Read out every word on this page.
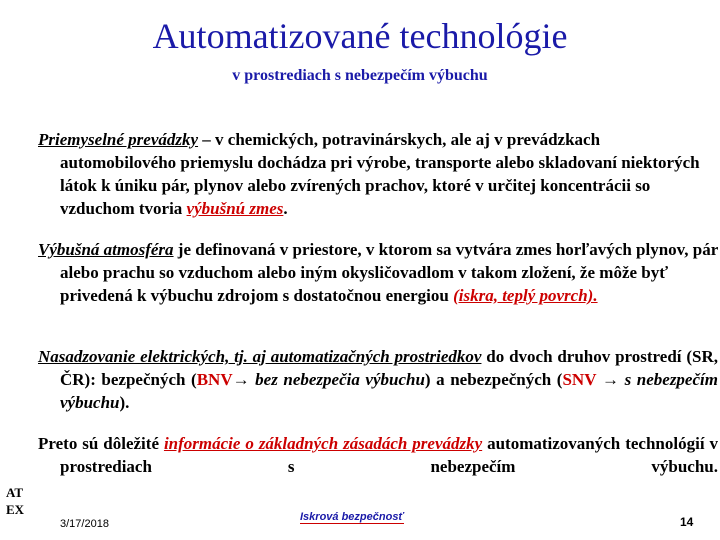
Automatizované technológie
v prostrediach s nebezpečím výbuchu
Priemyselné prevádzky – v chemických, potravinárskych, ale aj v prevádzkach automobilového priemyslu dochádza pri výrobe, transporte alebo skladovaní niektorých látok k úniku pár, plynov alebo zvírených prachov, ktoré v určitej koncentrácii so vzduchom tvoria výbušnú zmes.
Výbušná atmosféra je definovaná v priestore, v ktorom sa vytvára zmes horľavých plynov, pár alebo prachu so vzduchom alebo iným okysličovadlom v takom zložení, že môže byť privedená k výbuchu zdrojom s dostatočnou energiou (iskra, teplý povrch).
Nasadzovanie elektrických, tj. aj automatizačných prostriedkov do dvoch druhov prostredí (SR, ČR): bezpečných (BNV→ bez nebezpečia výbuchu) a nebezpečných (SNV → s nebezpečím výbuchu).
Preto sú dôležité informácie o základných zásadách prevádzky automatizovaných technológií v prostrediach s nebezpečím výbuchu.
AT
EX
3/17/2018
Iskrová bezpečnosť	14
